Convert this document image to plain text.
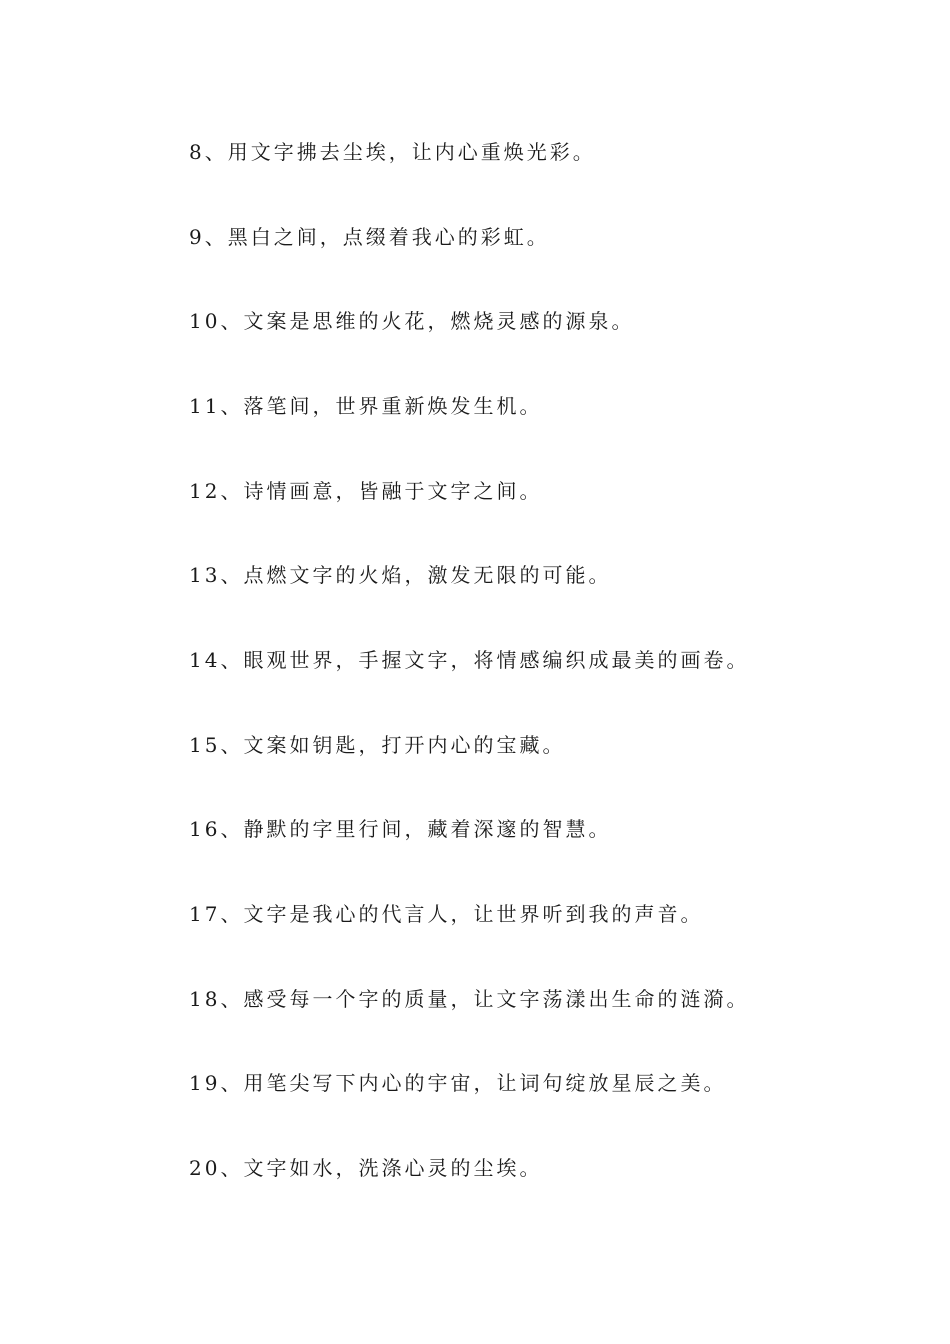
8、用文字拂去尘埃，让内心重焕光彩。
9、黑白之间，点缀着我心的彩虹。
10、文案是思维的火花，燃烧灵感的源泉。
11、落笔间，世界重新焕发生机。
12、诗情画意，皆融于文字之间。
13、点燃文字的火焰，激发无限的可能。
14、眼观世界，手握文字，将情感编织成最美的画卷。
15、文案如钥匙，打开内心的宝藏。
16、静默的字里行间，藏着深邃的智慧。
17、文字是我心的代言人，让世界听到我的声音。
18、感受每一个字的质量，让文字荡漾出生命的涟漪。
19、用笔尖写下内心的宇宙，让词句绽放星辰之美。
20、文字如水，洗涤心灵的尘埃。
